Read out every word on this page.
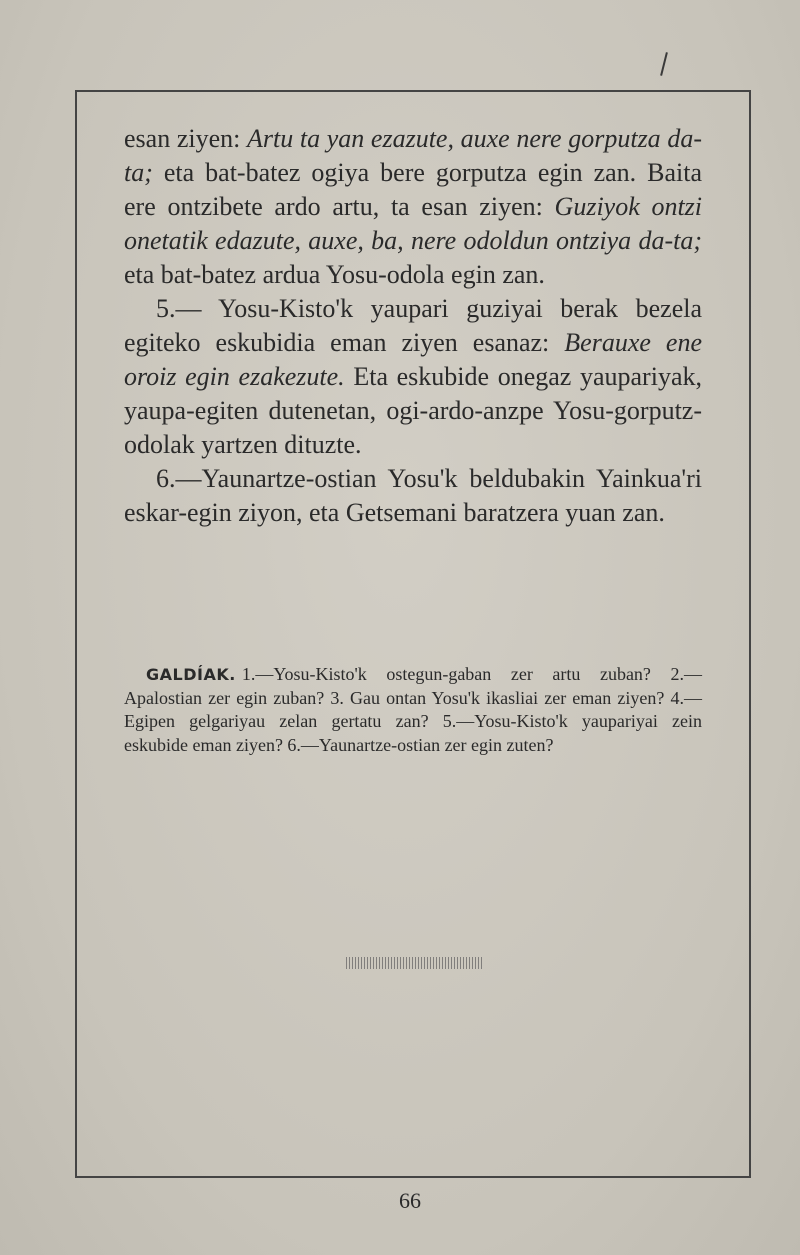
esan ziyen: Artu ta yan ezazute, auxe nere gorputza da-ta; eta bat-batez ogiya bere gorputza egin zan. Baita ere ontzibete ardo artu, ta esan ziyen: Guziyok ontzi onetatik edazute, auxe, ba, nere odoldun ontziya da-ta; eta bat-batez ardua Yosu-odola egin zan.

5.— Yosu-Kisto'k yaupari guziyai berak bezela egiteko eskubidia eman ziyen esanaz: Berauxe ene oroiz egin ezakezute. Eta eskubide onegaz yaupariyak, yaupa-egiten dutenetan, ogi-ardo-anzpe Yosu-gorputz-odolak yartzen dituzte.

6.—Yaunartze-ostian Yosu'k beldubakin Yainkua'ri eskar-egin ziyon, eta Getsemani baratzera yuan zan.

GALDÍAK. 1.—Yosu-Kisto'k ostegun-gaban zer artu zuban? 2.—Apalostian zer egin zuban? 3. Gau ontan Yosu'k ikasliai zer eman ziyen? 4.—Egipen gelgariyau zelan gertatu zan? 5.—Yosu-Kisto'k yaupariyai zein eskubide eman ziyen? 6.—Yaunartze-ostian zer egin zuten?
66
